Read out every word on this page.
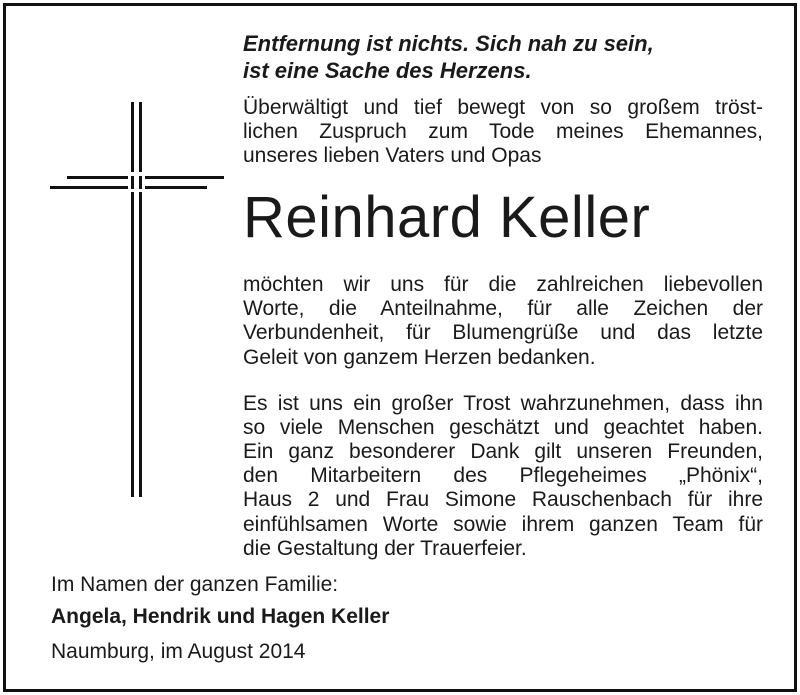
Entfernung ist nichts. Sich nah zu sein,
ist eine Sache des Herzens.
Überwältigt und tief bewegt von so großem tröst-
lichen Zuspruch zum Tode meines Ehemannes,
unseres lieben Vaters und Opas
Reinhard Keller
möchten wir uns für die zahlreichen liebevollen
Worte, die Anteilnahme, für alle Zeichen der
Verbundenheit, für Blumengrüße und das letzte
Geleit von ganzem Herzen bedanken.
Es ist uns ein großer Trost wahrzunehmen, dass ihn
so viele Menschen geschätzt und geachtet haben.
Ein ganz besonderer Dank gilt unseren Freunden,
den Mitarbeitern des Pflegeheimes „Phönix“,
Haus 2 und Frau Simone Rauschenbach für ihre
einfühlsamen Worte sowie ihrem ganzen Team für
die Gestaltung der Trauerfeier.
Im Namen der ganzen Familie:
Angela, Hendrik und Hagen Keller
Naumburg, im August 2014
